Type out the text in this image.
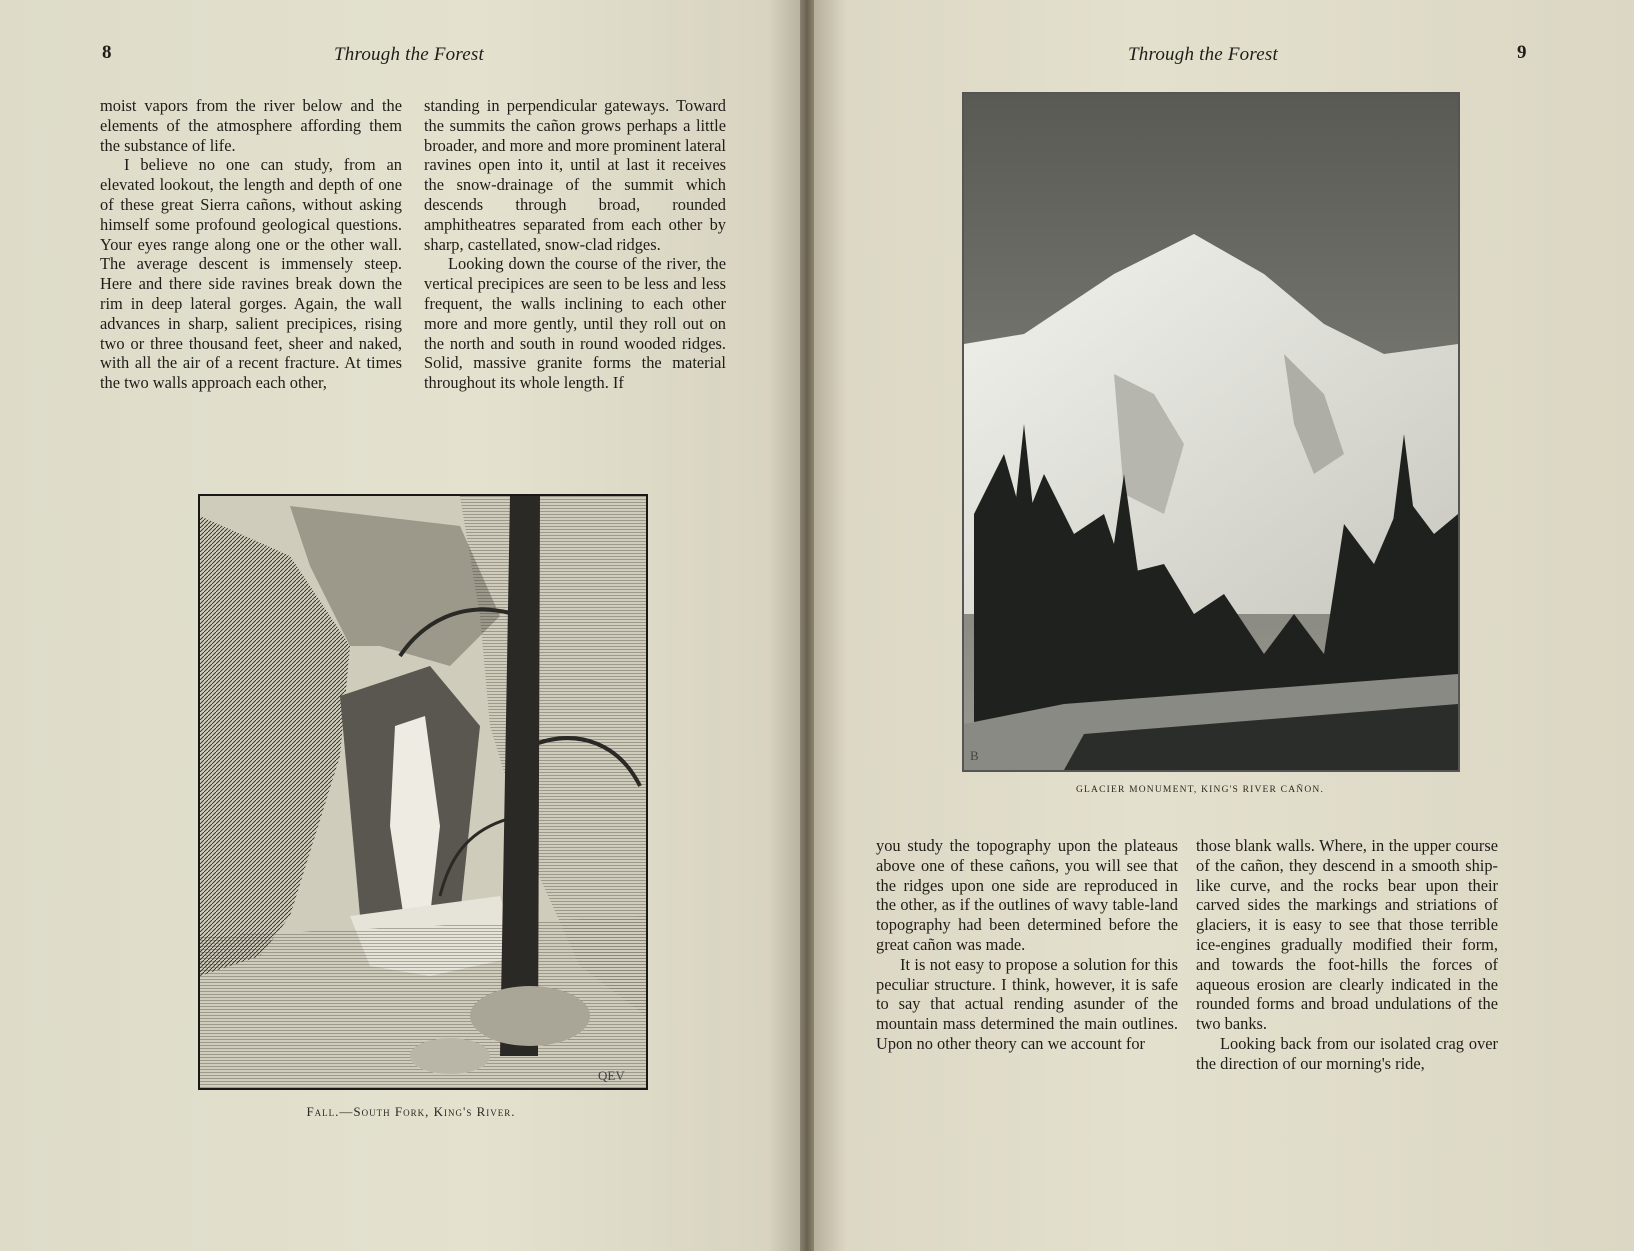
8	Through the Forest

moist vapors from the river below and the elements of the atmosphere affording them the substance of life.

I believe no one can study, from an elevated lookout, the length and depth of one of these great Sierra cañons, without asking himself some profound geological questions. Your eyes range along one or the other wall. The average descent is immensely steep. Here and there side ravines break down the rim in deep lateral gorges. Again, the wall advances in sharp, salient precipices, rising two or three thousand feet, sheer and naked, with all the air of a recent fracture. At times the two walls approach each other,

standing in perpendicular gateways. Toward the summits the cañon grows perhaps a little broader, and more and more prominent lateral ravines open into it, until at last it receives the snow-drainage of the summit which descends through broad, rounded amphitheatres separated from each other by sharp, castellated, snow-clad ridges.

Looking down the course of the river, the vertical precipices are seen to be less and less frequent, the walls inclining to each other more and more gently, until they roll out on the north and south in round wooded ridges. Solid, massive granite forms the material throughout its whole length. If

QEV
Fall.—South Fork, King's River.
Through the Forest	9
B
GLACIER MONUMENT, KING'S RIVER CAÑON.

you study the topography upon the plateaus above one of these cañons, you will see that the ridges upon one side are reproduced in the other, as if the outlines of wavy table-land topography had been determined before the great cañon was made.

It is not easy to propose a solution for this peculiar structure. I think, however, it is safe to say that actual rending asunder of the mountain mass determined the main outlines. Upon no other theory can we account for

those blank walls. Where, in the upper course of the cañon, they descend in a smooth ship-like curve, and the rocks bear upon their carved sides the markings and striations of glaciers, it is easy to see that those terrible ice-engines gradually modified their form, and towards the foot-hills the forces of aqueous erosion are clearly indicated in the rounded forms and broad undulations of the two banks.

Looking back from our isolated crag over the direction of our morning's ride,
